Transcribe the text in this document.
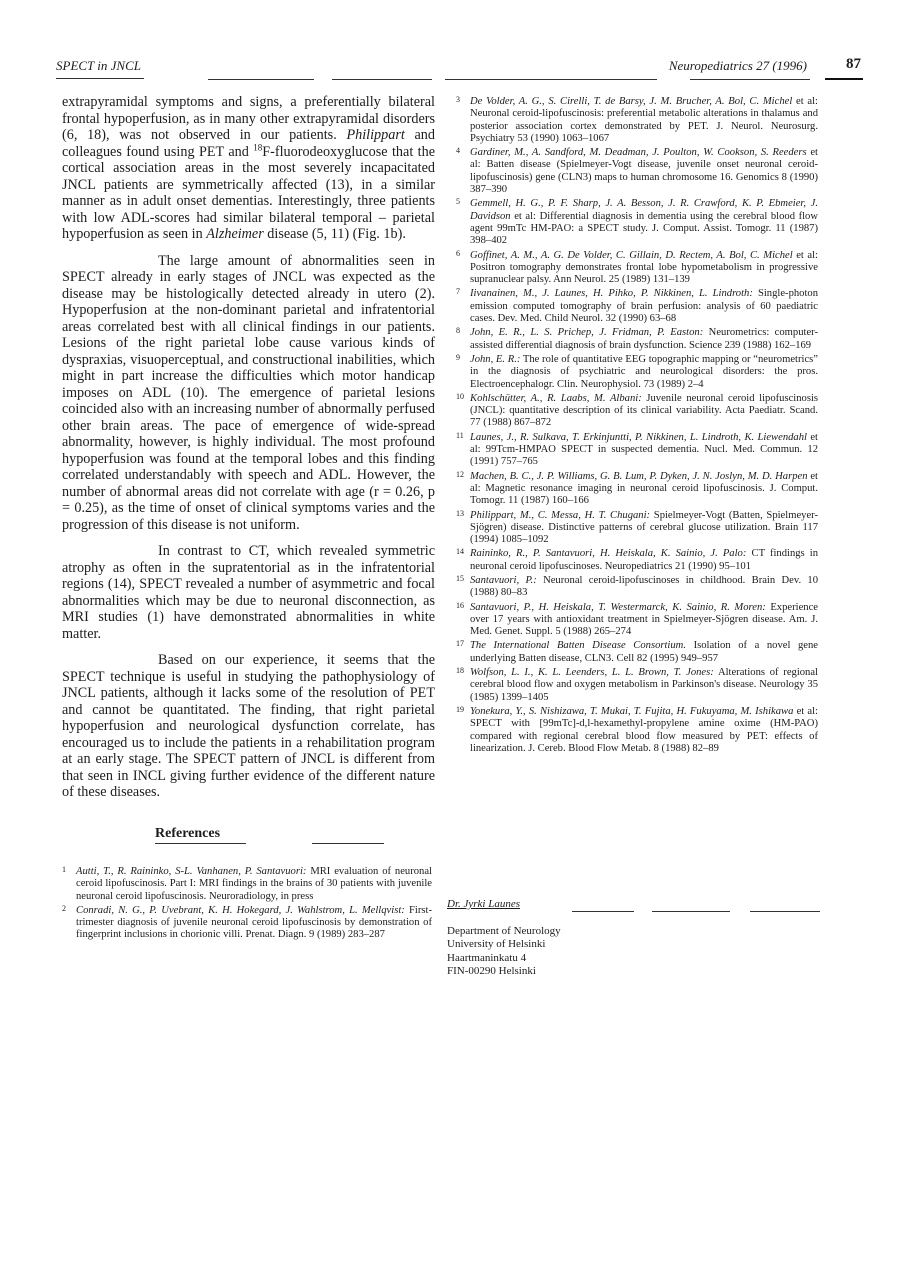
SPECT in JNCL	Neuropediatrics 27 (1996)	87

extrapyramidal symptoms and signs, a preferentially bilateral frontal hypoperfusion, as in many other extrapyramidal disorders (6, 18), was not observed in our patients. Philippart and colleagues found using PET and $^{18}$F-fluorodeoxyglucose that the cortical association areas in the most severely incapacitated JNCL patients are symmetrically affected (13), in a similar manner as in adult onset dementias. Interestingly, three patients with low ADL-scores had similar bilateral temporal – parietal hypoperfusion as seen in Alzheimer disease (5, 11) (Fig. 1b).

The large amount of abnormalities seen in SPECT already in early stages of JNCL was expected as the disease may be histologically detected already in utero (2). Hypoperfusion at the non-dominant parietal and infratentorial areas correlated best with all clinical findings in our patients. Lesions of the right parietal lobe cause various kinds of dyspraxias, visuoperceptual, and constructional inabilities, which might in part increase the difficulties which motor handicap imposes on ADL (10). The emergence of parietal lesions coincided also with an increasing number of abnormally perfused other brain areas. The pace of emergence of wide-spread abnormality, however, is highly individual. The most profound hypoperfusion was found at the temporal lobes and this finding correlated understandably with speech and ADL. However, the number of abnormal areas did not correlate with age (r = 0.26, p = 0.25), as the time of onset of clinical symptoms varies and the progression of this disease is not uniform.

In contrast to CT, which revealed symmetric atrophy as often in the supratentorial as in the infratentorial regions (14), SPECT revealed a number of asymmetric and focal abnormalities which may be due to neuronal disconnection, as MRI studies (1) have demonstrated abnormalities in white matter.

Based on our experience, it seems that the SPECT technique is useful in studying the pathophysiology of JNCL patients, although it lacks some of the resolution of PET and cannot be quantitated. The finding, that right parietal hypoperfusion and neurological dysfunction correlate, has encouraged us to include the patients in a rehabilitation program at an early stage. The SPECT pattern of JNCL is different from that seen in INCL giving further evidence of the different nature of these diseases.

References
1 Autti, T., R. Raininko, S-L. Vanhanen, P. Santavuori: MRI evaluation of neuronal ceroid lipofuscinosis. Part I: MRI findings in the brains of 30 patients with juvenile neuronal ceroid lipofuscinosis. Neuroradiology, in press
2 Conradi, N. G., P. Uvebrant, K. H. Hokegard, J. Wahlstrom, L. Mellqvist: First-trimester diagnosis of juvenile neuronal ceroid lipofuscinosis by demonstration of fingerprint inclusions in chorionic villi. Prenat. Diagn. 9 (1989) 283–287
3 De Volder, A. G., S. Cirelli, T. de Barsy, J. M. Brucher, A. Bol, C. Michel et al: Neuronal ceroid-lipofuscinosis: preferential metabolic alterations in thalamus and posterior association cortex demonstrated by PET. J. Neurol. Neurosurg. Psychiatry 53 (1990) 1063–1067
4 Gardiner, M., A. Sandford, M. Deadman, J. Poulton, W. Cookson, S. Reeders et al: Batten disease (Spielmeyer-Vogt disease, juvenile onset neuronal ceroid-lipofuscinosis) gene (CLN3) maps to human chromosome 16. Genomics 8 (1990) 387–390
5 Gemmell, H. G., P. F. Sharp, J. A. Besson, J. R. Crawford, K. P. Ebmeier, J. Davidson et al: Differential diagnosis in dementia using the cerebral blood flow agent 99mTc HM-PAO: a SPECT study. J. Comput. Assist. Tomogr. 11 (1987) 398–402
6 Goffinet, A. M., A. G. De Volder, C. Gillain, D. Rectem, A. Bol, C. Michel et al: Positron tomography demonstrates frontal lobe hypometabolism in progressive supranuclear palsy. Ann Neurol. 25 (1989) 131–139
7 Iivanainen, M., J. Launes, H. Pihko, P. Nikkinen, L. Lindroth: Single-photon emission computed tomography of brain perfusion: analysis of 60 paediatric cases. Dev. Med. Child Neurol. 32 (1990) 63–68
8 John, E. R., L. S. Prichep, J. Fridman, P. Easton: Neurometrics: computer-assisted differential diagnosis of brain dysfunction. Science 239 (1988) 162–169
9 John, E. R.: The role of quantitative EEG topographic mapping or “neurometrics” in the diagnosis of psychiatric and neurological disorders: the pros. Electroencephalogr. Clin. Neurophysiol. 73 (1989) 2–4
10 Kohlschütter, A., R. Laabs, M. Albani: Juvenile neuronal ceroid lipofuscinosis (JNCL): quantitative description of its clinical variability. Acta Paediatr. Scand. 77 (1988) 867–872
11 Launes, J., R. Sulkava, T. Erkinjuntti, P. Nikkinen, L. Lindroth, K. Liewendahl et al: 99Tcm-HMPAO SPECT in suspected dementia. Nucl. Med. Commun. 12 (1991) 757–765
12 Machen, B. C., J. P. Williams, G. B. Lum, P. Dyken, J. N. Joslyn, M. D. Harpen et al: Magnetic resonance imaging in neuronal ceroid lipofuscinosis. J. Comput. Tomogr. 11 (1987) 160–166
13 Philippart, M., C. Messa, H. T. Chugani: Spielmeyer-Vogt (Batten, Spielmeyer-Sjögren) disease. Distinctive patterns of cerebral glucose utilization. Brain 117 (1994) 1085–1092
14 Raininko, R., P. Santavuori, H. Heiskala, K. Sainio, J. Palo: CT findings in neuronal ceroid lipofuscinoses. Neuropediatrics 21 (1990) 95–101
15 Santavuori, P.: Neuronal ceroid-lipofuscinoses in childhood. Brain Dev. 10 (1988) 80–83
16 Santavuori, P., H. Heiskala, T. Westermarck, K. Sainio, R. Moren: Experience over 17 years with antioxidant treatment in Spielmeyer-Sjögren disease. Am. J. Med. Genet. Suppl. 5 (1988) 265–274
17 The International Batten Disease Consortium. Isolation of a novel gene underlying Batten disease, CLN3. Cell 82 (1995) 949–957
18 Wolfson, L. I., K. L. Leenders, L. L. Brown, T. Jones: Alterations of regional cerebral blood flow and oxygen metabolism in Parkinson's disease. Neurology 35 (1985) 1399–1405
19 Yonekura, Y., S. Nishizawa, T. Mukai, T. Fujita, H. Fukuyama, M. Ishikawa et al: SPECT with [99mTc]-d,l-hexamethyl-propylene amine oxime (HM-PAO) compared with regional cerebral blood flow measured by PET: effects of linearization. J. Cereb. Blood Flow Metab. 8 (1988) 82–89
Dr. Jyrki Launes
Department of Neurology
University of Helsinki
Haartmaninkatu 4
FIN-00290 Helsinki
